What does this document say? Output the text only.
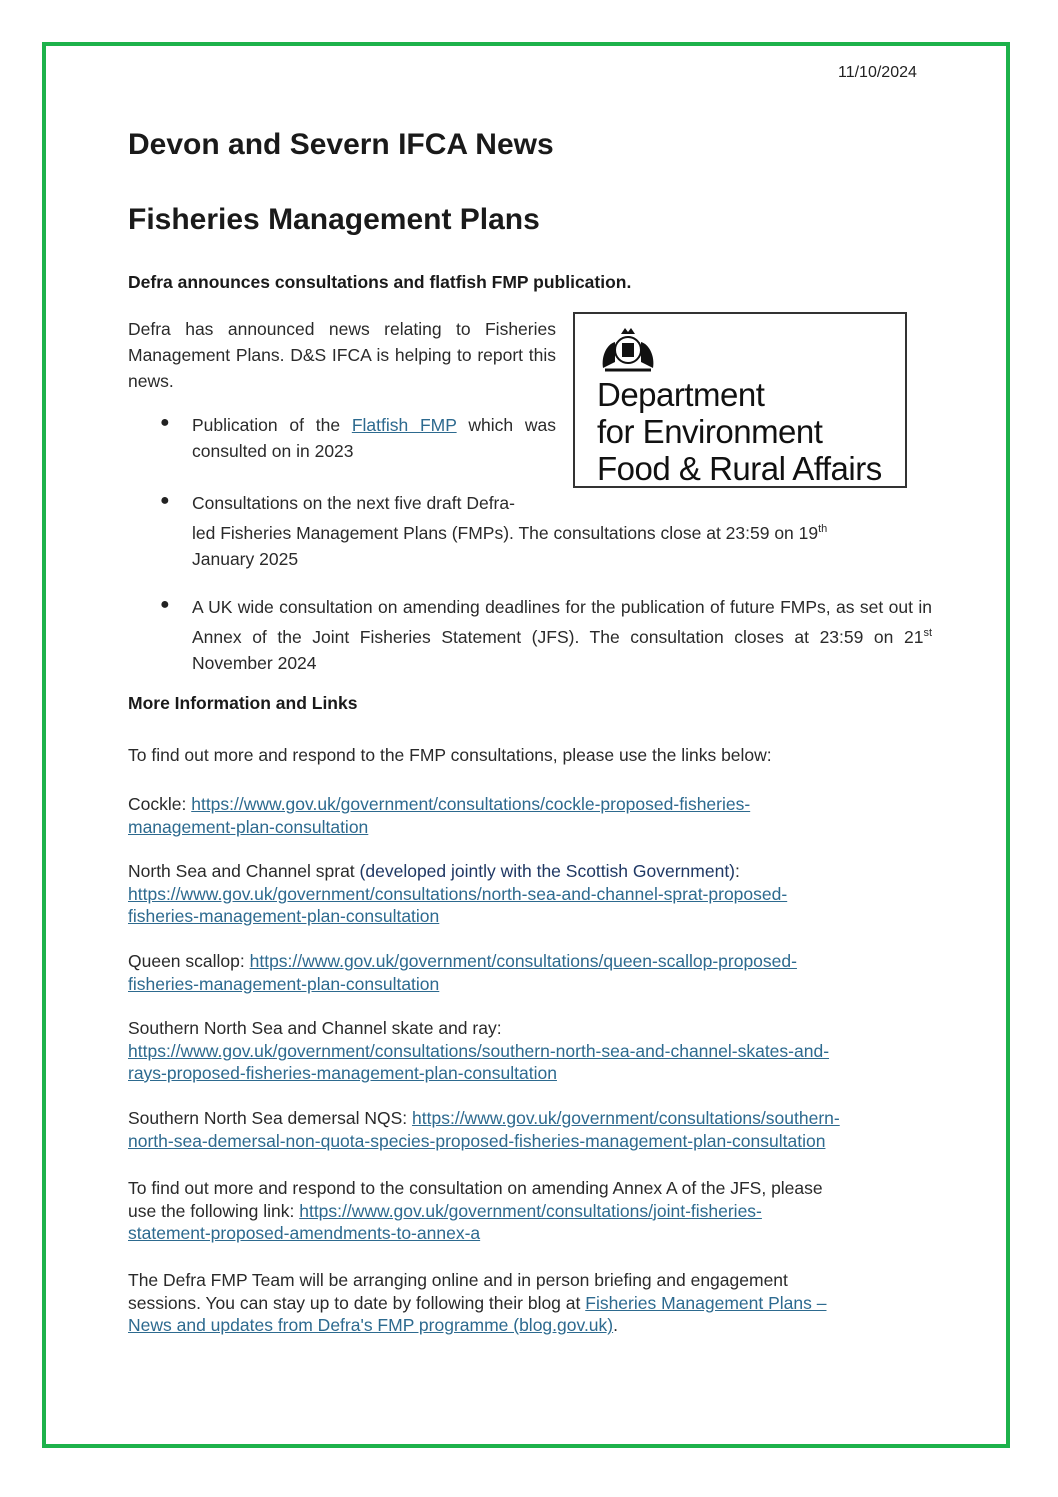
11/10/2024
Devon and Severn IFCA News
Fisheries Management Plans
Defra announces consultations and flatfish FMP publication.
Defra has announced news relating to Fisheries Management Plans. D&S IFCA is helping to report this news.	Department
for Environment
Food & Rural Affairs
● Publication of the Flatfish FMP which was consulted on in 2023
● Consultations on the next five draft Defra-
led Fisheries Management Plans (FMPs). The consultations close at 23:59 on 19th
January 2025
● A UK wide consultation on amending deadlines for the publication of future FMPs, as set out in Annex of the Joint Fisheries Statement (JFS). The consultation closes at 23:59 on 21st November 2024
More Information and Links
To find out more and respond to the FMP consultations, please use the links below:
Cockle: https://www.gov.uk/government/consultations/cockle-proposed-fisheries-
management-plan-consultation
North Sea and Channel sprat (developed jointly with the Scottish Government):
https://www.gov.uk/government/consultations/north-sea-and-channel-sprat-proposed-
fisheries-management-plan-consultation
Queen scallop: https://www.gov.uk/government/consultations/queen-scallop-proposed-
fisheries-management-plan-consultation
Southern North Sea and Channel skate and ray:
https://www.gov.uk/government/consultations/southern-north-sea-and-channel-skates-and-
rays-proposed-fisheries-management-plan-consultation
Southern North Sea demersal NQS: https://www.gov.uk/government/consultations/southern-
north-sea-demersal-non-quota-species-proposed-fisheries-management-plan-consultation
To find out more and respond to the consultation on amending Annex A of the JFS, please
use the following link: https://www.gov.uk/government/consultations/joint-fisheries-
statement-proposed-amendments-to-annex-a
The Defra FMP Team will be arranging online and in person briefing and engagement
sessions. You can stay up to date by following their blog at Fisheries Management Plans –
News and updates from Defra's FMP programme (blog.gov.uk).
